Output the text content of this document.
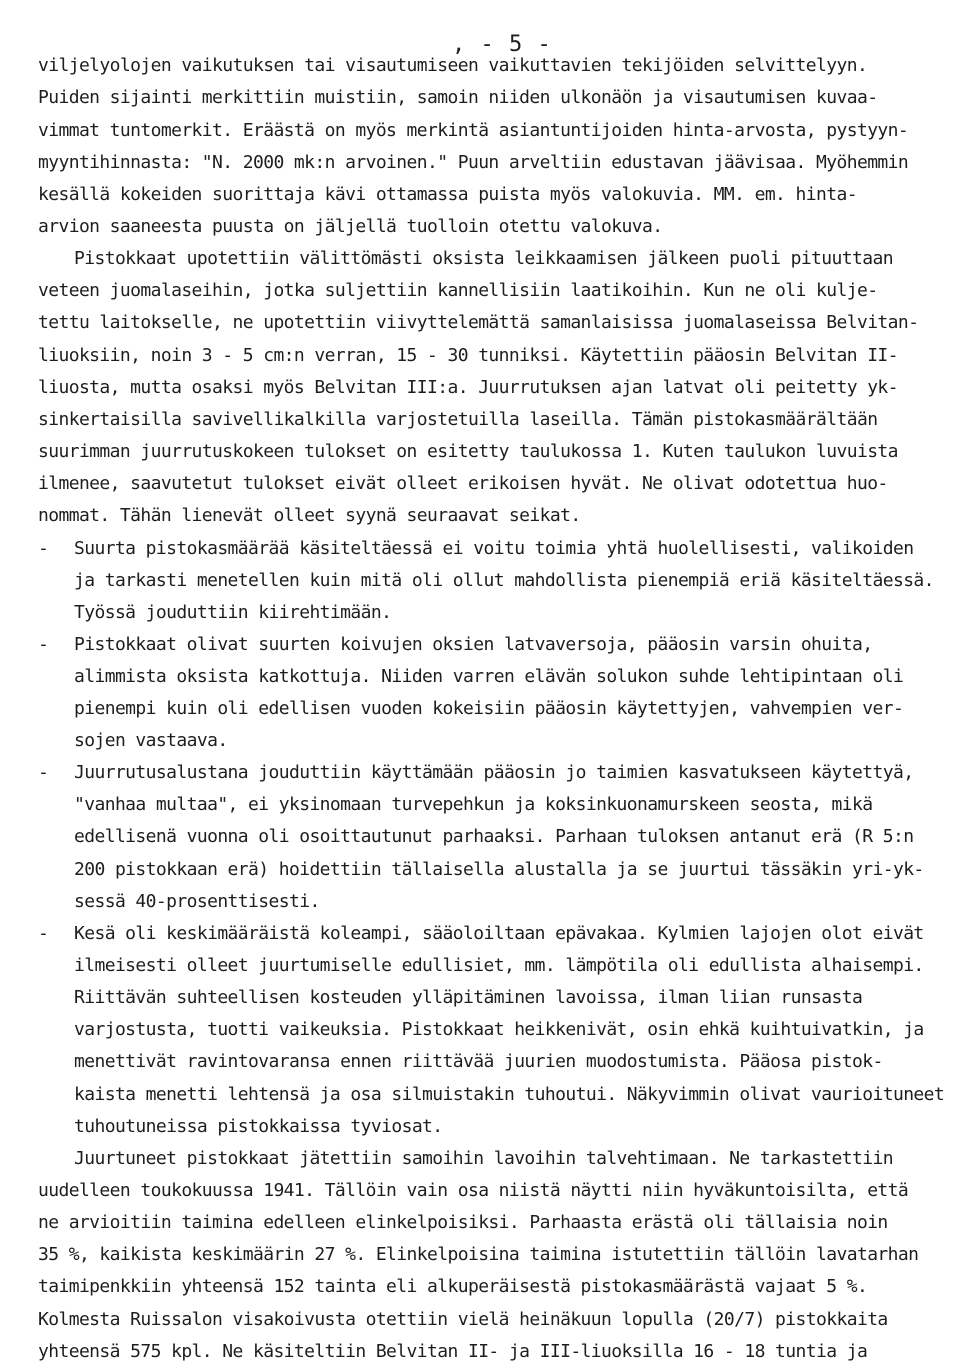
, - 5 -
viljelyolojen vaikutuksen tai visautumiseen vaikuttavien tekijöiden selvittelyyn.
Puiden sijainti merkittiin muistiin, samoin niiden ulkonäön ja visautumisen kuvaa-
vimmat tuntomerkit. Eräästä on myös merkintä asiantuntijoiden hinta-arvosta, pystyyn-
myyntihinnasta: "N. 2000 mk:n arvoinen." Puun arveltiin edustavan jäävisaa. Myöhemmin
kesällä kokeiden suorittaja kävi ottamassa puista myös valokuvia. MM. em. hinta-
arvion saaneesta puusta on jäljellä tuolloin otettu valokuva.
Pistokkaat upotettiin välittömästi oksista leikkaamisen jälkeen puoli pituuttaan
veteen juomalaseihin, jotka suljettiin kannellisiin laatikoihin. Kun ne oli kulje-
tettu laitokselle, ne upotettiin viivyttelemättä samanlaisissa juomalaseissa Belvitan-
liuoksiin, noin 3 - 5 cm:n verran, 15 - 30 tunniksi. Käytettiin pääosin Belvitan II-
liuosta, mutta osaksi myös Belvitan III:a. Juurrutuksen ajan latvat oli peitetty yk-
sinkertaisilla savivellikalkilla varjostetuilla laseilla. Tämän pistokasmäärältään
suurimman juurrutuskokeen tulokset on esitetty taulukossa 1. Kuten taulukon luvuista
ilmenee, saavutetut tulokset eivät olleet erikoisen hyvät. Ne olivat odotettua huo-
nommat. Tähän lienevät olleet syynä seuraavat seikat.
- Suurta pistokasmäärää käsiteltäessä ei voitu toimia yhtä huolellisesti, valikoiden
ja tarkasti menetellen kuin mitä oli ollut mahdollista pienempiä eriä käsiteltäessä.
Työssä jouduttiin kiirehtimään.
- Pistokkaat olivat suurten koivujen oksien latvaversoja, pääosin varsin ohuita,
alimmista oksista katkottuja. Niiden varren elävän solukon suhde lehtipintaan oli
pienempi kuin oli edellisen vuoden kokeisiin pääosin käytettyjen, vahvempien ver-
sojen vastaava.
- Juurrutusalustana jouduttiin käyttämään pääosin jo taimien kasvatukseen käytettyä,
"vanhaa multaa", ei yksinomaan turvepehkun ja koksinkuonamurskeen seosta, mikä
edellisenä vuonna oli osoittautunut parhaaksi. Parhaan tuloksen antanut erä (R 5:n
200 pistokkaan erä) hoidettiin tällaisella alustalla ja se juurtui tässäkin yri-yk-
sessä 40-prosenttisesti.
- Kesä oli keskimääräistä koleampi, sääoloiltaan epävakaa. Kylmien lajojen olot eivät
ilmeisesti olleet juurtumiselle edullisiet, mm. lämpötila oli edullista alhaisempi.
Riittävän suhteellisen kosteuden ylläpitäminen lavoissa, ilman liian runsasta
varjostusta, tuotti vaikeuksia. Pistokkaat heikkenivät, osin ehkä kuihtuivatkin, ja
menettivät ravintovaransa ennen riittävää juurien muodostumista. Pääosa pistok-
kaista menetti lehtensä ja osa silmuistakin tuhoutui. Näkyvimmin olivat vaurioituneet
tuhoutuneissa pistokkaissa tyviosat.
Juurtuneet pistokkaat jätettiin samoihin lavoihin talvehtimaan. Ne tarkastettiin
uudelleen toukokuussa 1941. Tällöin vain osa niistä näytti niin hyväkuntoisilta, että
ne arvioitiin taimina edelleen elinkelpoisiksi. Parhaasta erästä oli tällaisia noin
35 %, kaikista keskimäärin 27 %. Elinkelpoisina taimina istutettiin tällöin lavatarhan
taimipenkkiin yhteensä 152 tainta eli alkuperäisestä pistokasmäärästä vajaat 5 %.
Kolmesta Ruissalon visakoivusta otettiin vielä heinäkuun lopulla (20/7) pistokkaita
yhteensä 575 kpl. Ne käsiteltiin Belvitan II- ja III-liuoksilla 16 - 18 tuntia ja
